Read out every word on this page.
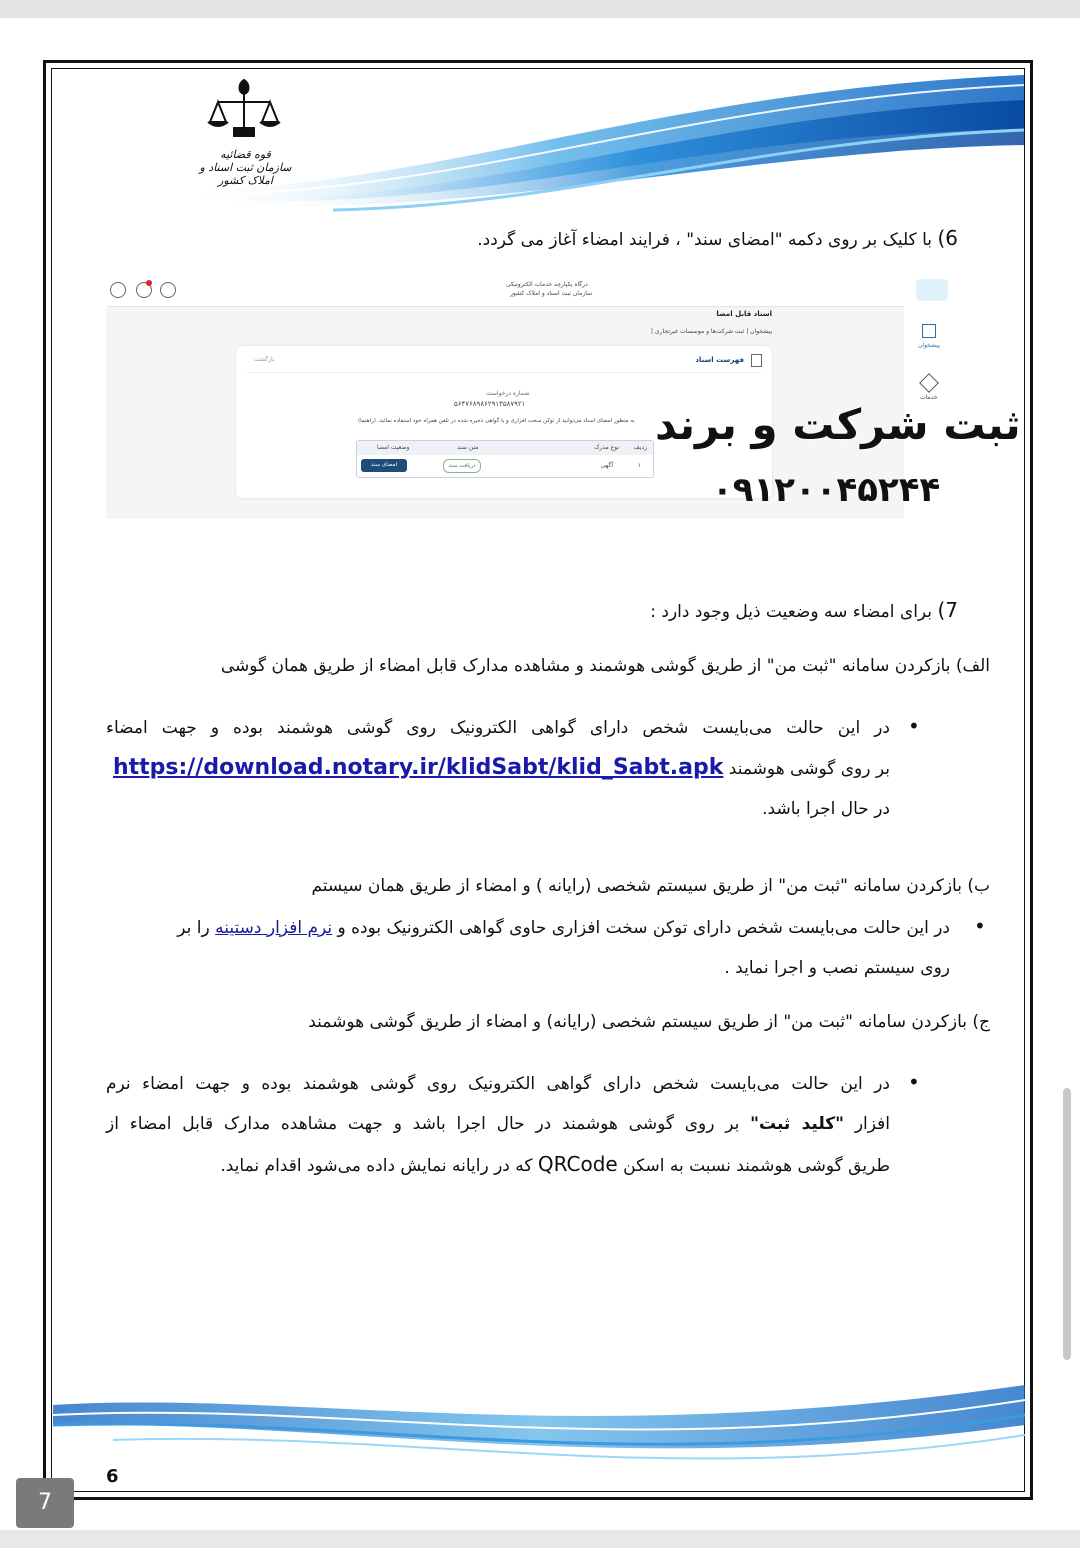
قوه قضائیه
سازمان ثبت اسناد و املاک کشور
6) با کلیک بر روی دکمه "امضای سند" ، فرایند امضاء آغاز می گردد.
درگاه یکپارچه خدمات الکترونیکی
سازمان ثبت اسناد و املاک کشور
پیشخوان
خدمات
اسناد قابل امضا
پیشخوان | ثبت شرکت‌ها و موسسات غیرتجاری |
فهرست اسناد
بازگشت
شماره درخواست
۵۶۴۷۶۸۹۸۶۲۹۱۳۵۸۷۹۲۱
به منظور امضای اسناد می‌توانید از توکن سخت افزاری و یا گواهی ذخیره شده در تلفن همراه خود استفاده نمائید. (راهنما)
ردیف
نوع مدرک
متن سند
وضعیت امضا
۱
آگهی
دریافت سند
امضای سند
ثبت شرکت و برند
۰۹۱۲۰۰۴۵۲۴۴
7) برای امضاء سه وضعیت ذیل وجود دارد :
الف) بازکردن سامانه "ثبت من" از طریق گوشی هوشمند و مشاهده مدارک قابل امضاء از طریق همان گوشی
•
در این حالت می‌بایست شخص دارای گواهی الکترونیک روی گوشی هوشمند بوده و جهت امضاء
بر روی گوشی هوشمند https://download.notary.ir/klidSabt/klid_Sabt.apk
در حال اجرا باشد.
ب) بازکردن سامانه "ثبت من" از طریق سیستم شخصی (رایانه ) و امضاء از طریق همان سیستم
•
در این حالت می‌بایست شخص دارای توکن سخت افزاری حاوی گواهی الکترونیک بوده و نرم افزار دستینه را بر
روی سیستم نصب و اجرا نماید .
ج) بازکردن سامانه "ثبت من" از طریق سیستم شخصی (رایانه) و امضاء از طریق گوشی هوشمند
•
در این حالت می‌بایست شخص دارای گواهی الکترونیک روی گوشی هوشمند بوده و جهت امضاء نرم
افزار "کلید ثبت" بر روی گوشی هوشمند در حال اجرا باشد و جهت مشاهده مدارک قابل امضاء از
طریق گوشی هوشمند نسبت به اسکن QRCode که در رایانه نمایش داده می‌شود اقدام نماید.
6
7
